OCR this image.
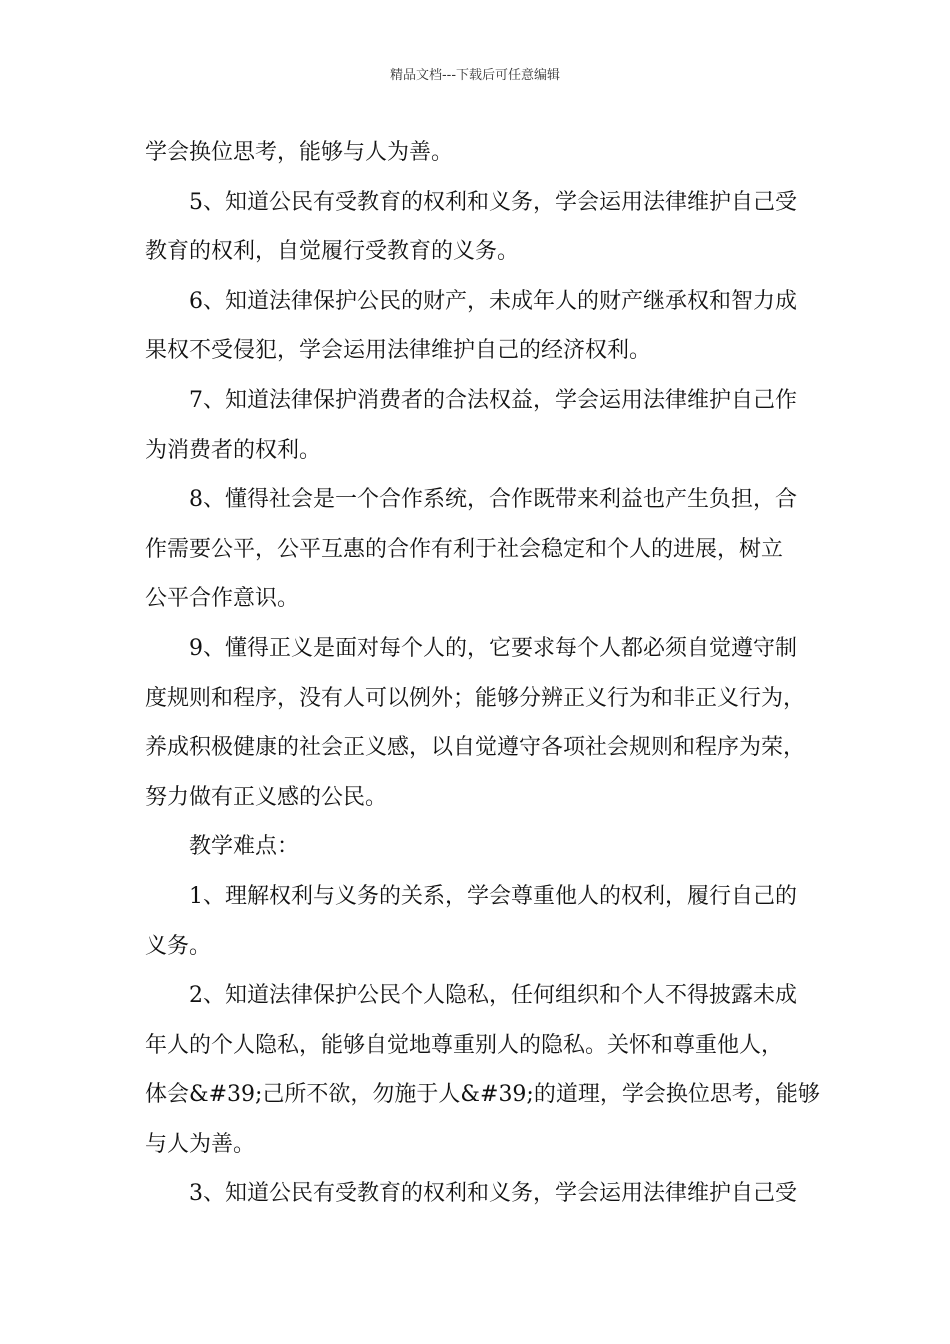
精品文档---下载后可任意编辑
学会换位思考，能够与人为善。
5、知道公民有受教育的权利和义务，学会运用法律维护自己受
教育的权利，自觉履行受教育的义务。
6、知道法律保护公民的财产，未成年人的财产继承权和智力成
果权不受侵犯，学会运用法律维护自己的经济权利。
7、知道法律保护消费者的合法权益，学会运用法律维护自己作
为消费者的权利。
8、懂得社会是一个合作系统，合作既带来利益也产生负担，合
作需要公平，公平互惠的合作有利于社会稳定和个人的进展，树立
公平合作意识。
9、懂得正义是面对每个人的，它要求每个人都必须自觉遵守制
度规则和程序，没有人可以例外；能够分辨正义行为和非正义行为，
养成积极健康的社会正义感，以自觉遵守各项社会规则和程序为荣，
努力做有正义感的公民。
教学难点：
1、理解权利与义务的关系，学会尊重他人的权利，履行自己的
义务。
2、知道法律保护公民个人隐私，任何组织和个人不得披露未成
年人的个人隐私，能够自觉地尊重别人的隐私。关怀和尊重他人，
体会&#39;己所不欲，勿施于人&#39;的道理，学会换位思考，能够
与人为善。
3、知道公民有受教育的权利和义务，学会运用法律维护自己受
